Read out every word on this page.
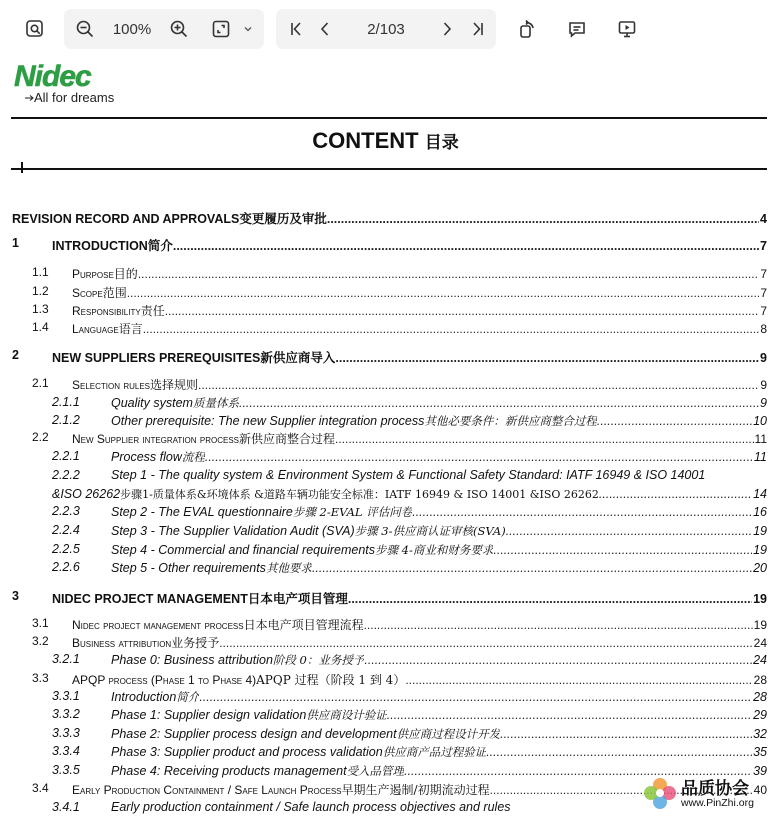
100%	2/103
Nidec
All for dreams
CONTENT 目录
REVISION RECORD AND APPROVALS 变更履历及审批 .....	4
1	INTRODUCTION 简介 .....	7
1.1 Purpose 目的 .....	7
1.2 Scope 范围 .....	7
1.3 Responsibility 责任 .....	7
1.4 Language 语言 .....	8
2	NEW SUPPLIERS PREREQUISITES 新供应商导入 .....	9
2.1 Selection rules 选择规则 .....	9
2.1.1 Quality system 质量体系 .....	9
2.1.2 Other prerequisite: The new Supplier integration process 其他必要条件：新供应商整合过程 .....	10
2.2 New Supplier integration process 新供应商整合过程 .....	11
2.2.1 Process flow 流程 .....	11
2.2.2 Step 1 - The quality system & Environment System & Functional Safety Standard: IATF 16949 & ISO 14001
&ISO 26262 步骤1-质量体系&环境体系 &道路车辆功能安全标准：IATF 16949 & ISO 14001 &ISO 26262 .....	14
2.2.3 Step 2 - The EVAL questionnaire 步骤 2-EVAL 评估问卷 .....	16
2.2.4 Step 3 - The Supplier Validation Audit (SVA) 步骤 3-供应商认证审核(SVA) .....	19
2.2.5 Step 4 - Commercial and financial requirements 步骤 4-商业和财务要求 .....	19
2.2.6 Step 5 - Other requirements 其他要求 .....	20
3	NIDEC PROJECT MANAGEMENT 日本电产项目管理 .....	19
3.1 Nidec project management process 日本电产项目管理流程 .....	19
3.2 Business attribution 业务授予 .....	24
3.2.1 Phase 0: Business attribution 阶段 0：业务授予 .....	24
3.3 APQP process (Phase 1 to Phase 4) APQP 过程（阶段 1 到 4） .....	28
3.3.1 Introduction 简介 .....	28
3.3.2 Phase 1: Supplier design validation 供应商设计验证 .....	29
3.3.3 Phase 2: Supplier process design and development 供应商过程设计开发 .....	32
3.3.4 Phase 3: Supplier product and process validation 供应商产品过程验证 .....	35
3.3.5 Phase 4: Receiving products management 受入品管理 .....	39
3.4 Early Production Containment / Safe Launch Process 早期生产遏制/初期流动过程 .....	40
3.4.1 Early production containment / Safe launch process objectives and rules
品质协会
www.PinZhi.org
